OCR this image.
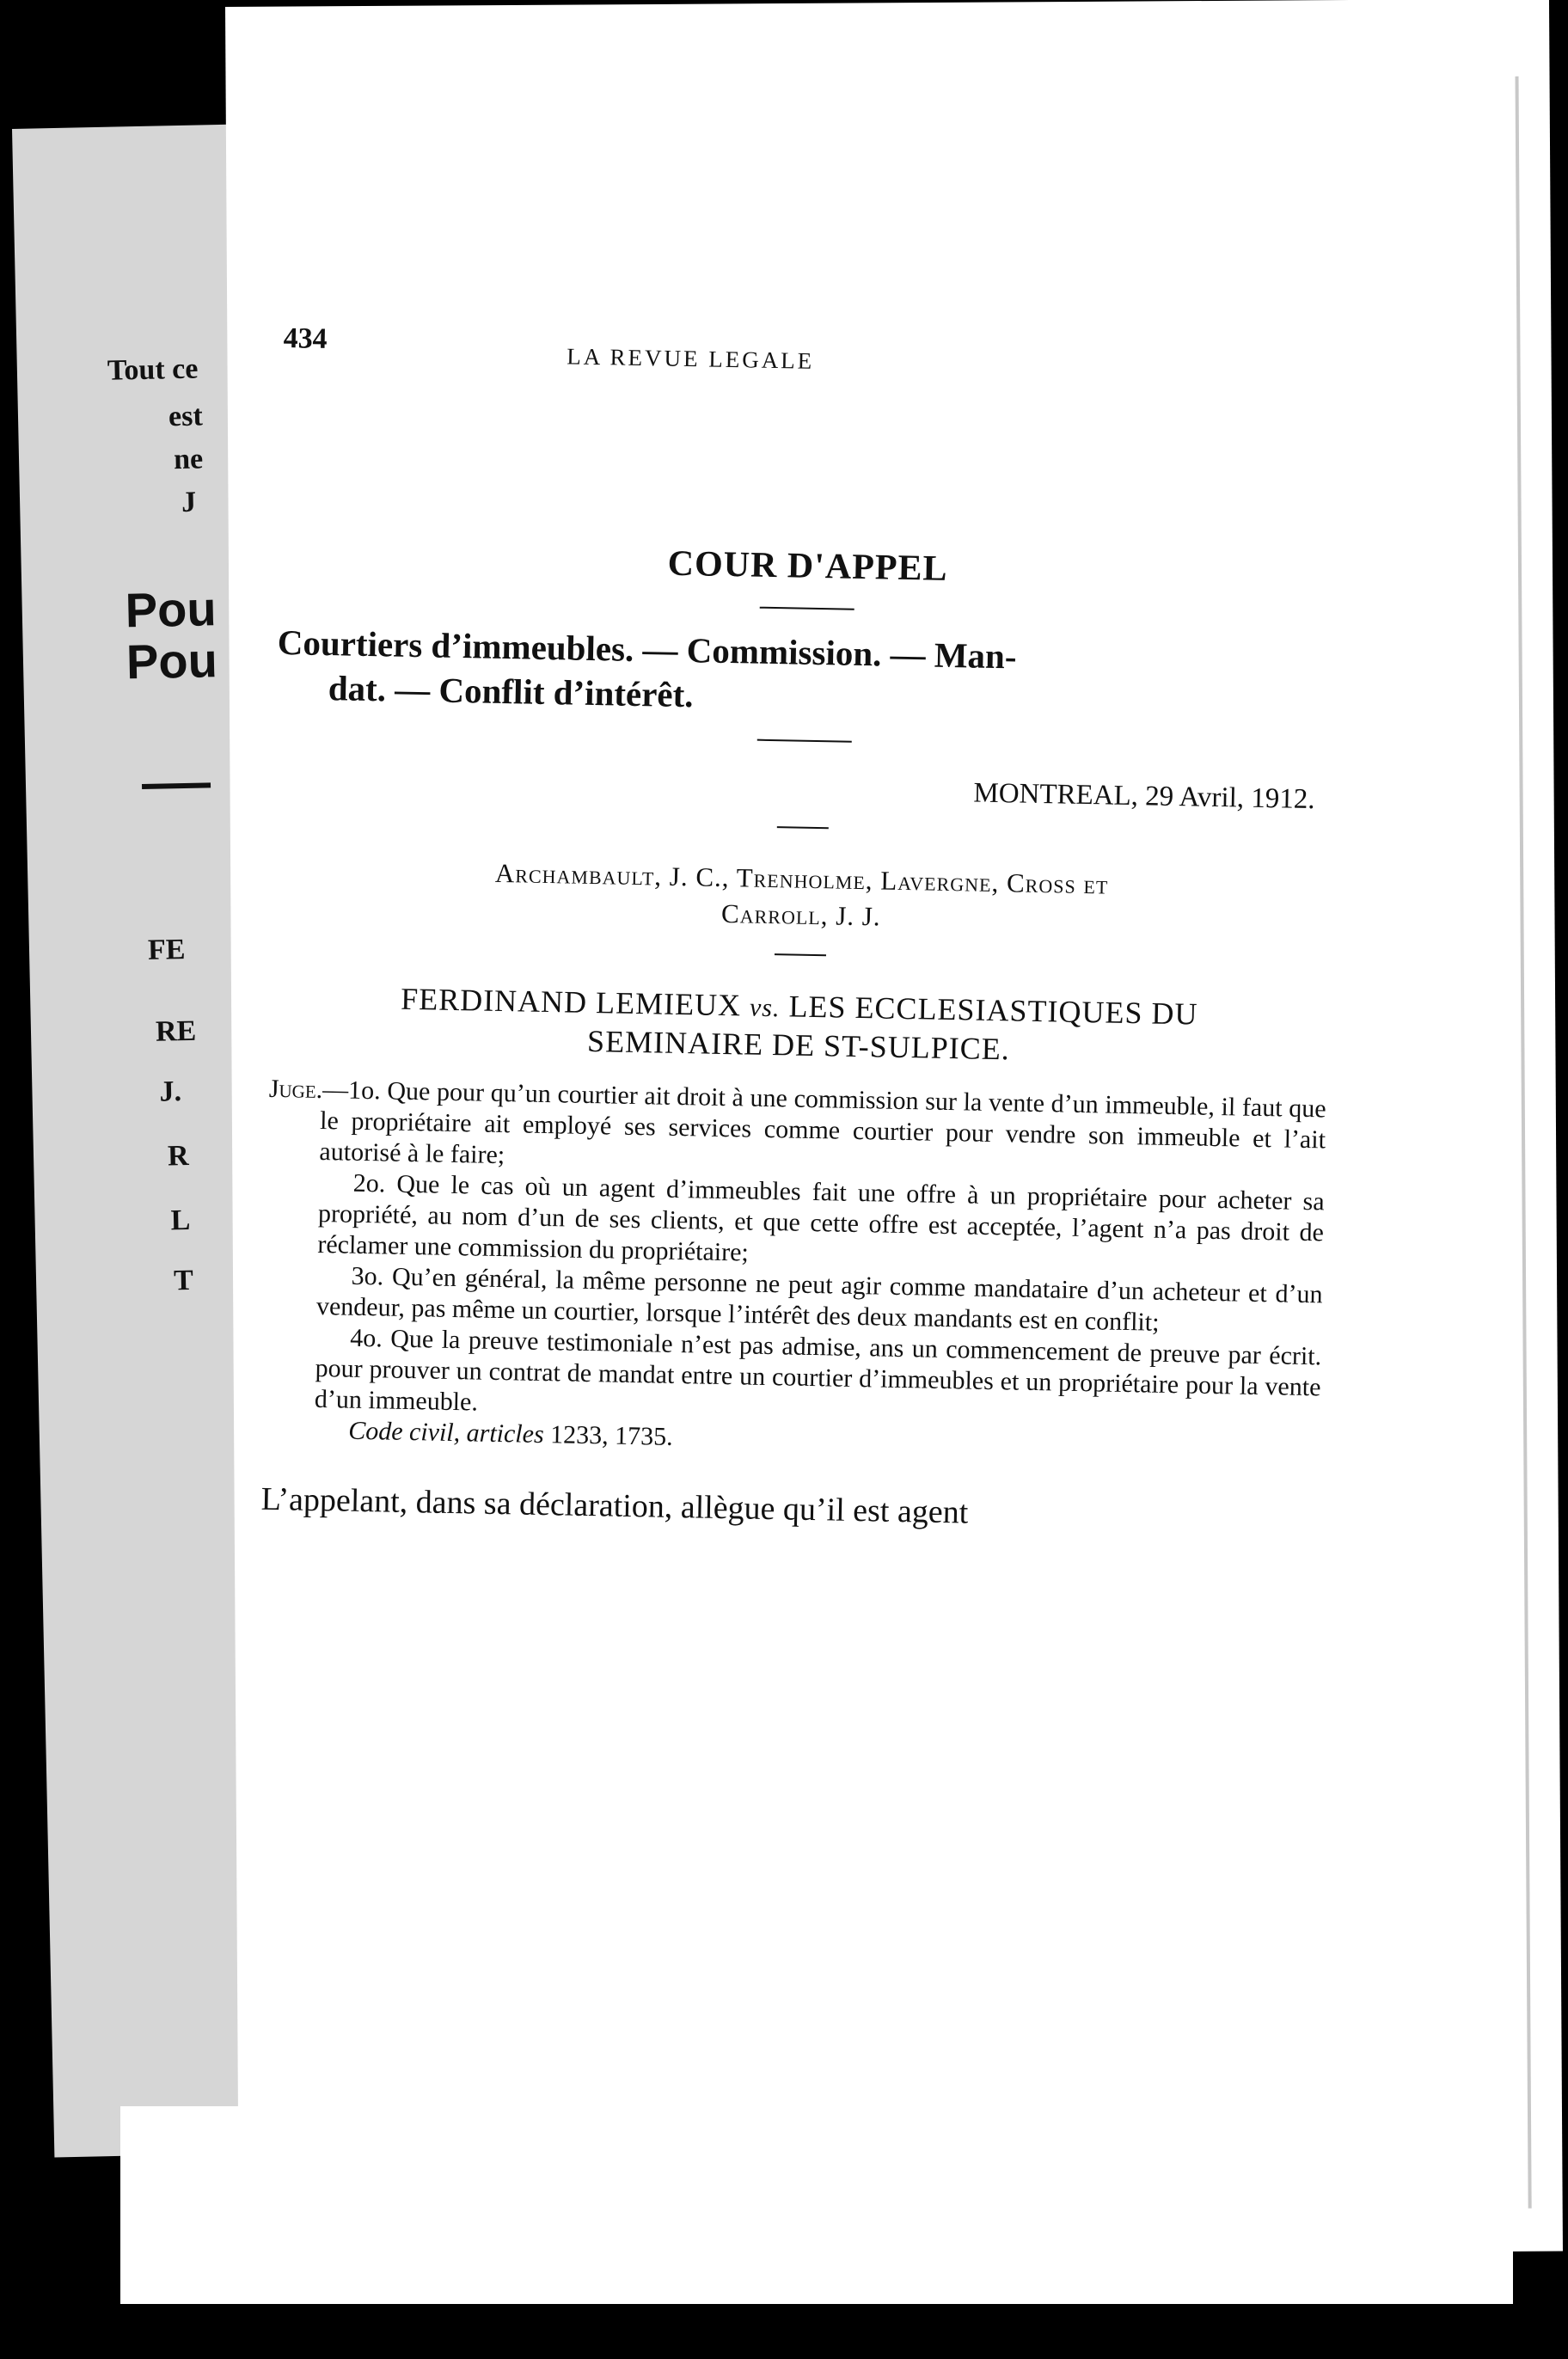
Tout ce
est
ne
J
Pou
Pou
FE
RE
J.
R
L
T
434
LA REVUE LEGALE
COUR D'APPEL
Courtiers d’immeubles. — Commission. — Man-
dat. — Conflit d’intérêt.
MONTREAL, 29 Avril, 1912.
Archambault, J. C., Trenholme, Lavergne, Cross et
Carroll, J. J.
FERDINAND LEMIEUX vs. LES ECCLESIASTIQUES DU
SEMINAIRE DE ST-SULPICE.

Juge.—1o. Que pour qu’un courtier ait droit à une commission sur la vente d’un immeuble, il faut que le propriétaire ait employé ses services comme courtier pour vendre son immeuble et l’ait autorisé à le faire;

2o. Que le cas où un agent d’immeubles fait une offre à un propriétaire pour acheter sa propriété, au nom d’un de ses clients, et que cette offre est acceptée, l’agent n’a pas droit de réclamer une commission du propriétaire;

3o. Qu’en général, la même personne ne peut agir comme mandataire d’un acheteur et d’un vendeur, pas même un courtier, lorsque l’intérêt des deux mandants est en conflit;

4o. Que la preuve testimoniale n’est pas admise, ans un commencement de preuve par écrit. pour prouver un contrat de mandat entre un courtier d’immeubles et un propriétaire pour la vente d’un immeuble.

Code civil, articles 1233, 1735.

L’appelant, dans sa déclaration, allègue qu’il est agent
